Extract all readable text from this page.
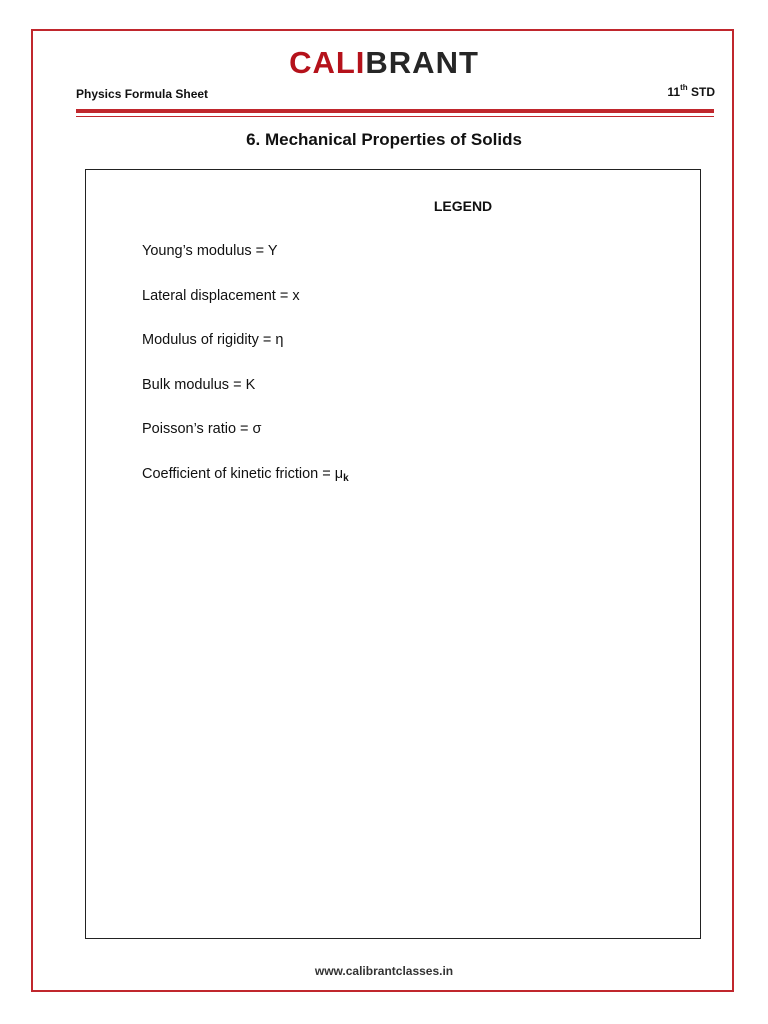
CALIBRANT
Physics Formula Sheet	11th STD
6. Mechanical Properties of Solids
LEGEND
Young’s modulus = Y
Lateral displacement = x
Modulus of rigidity = η
Bulk modulus = K
Poisson’s ratio = σ
Coefficient of kinetic friction = $\mu_k$
www.calibrantclasses.in
